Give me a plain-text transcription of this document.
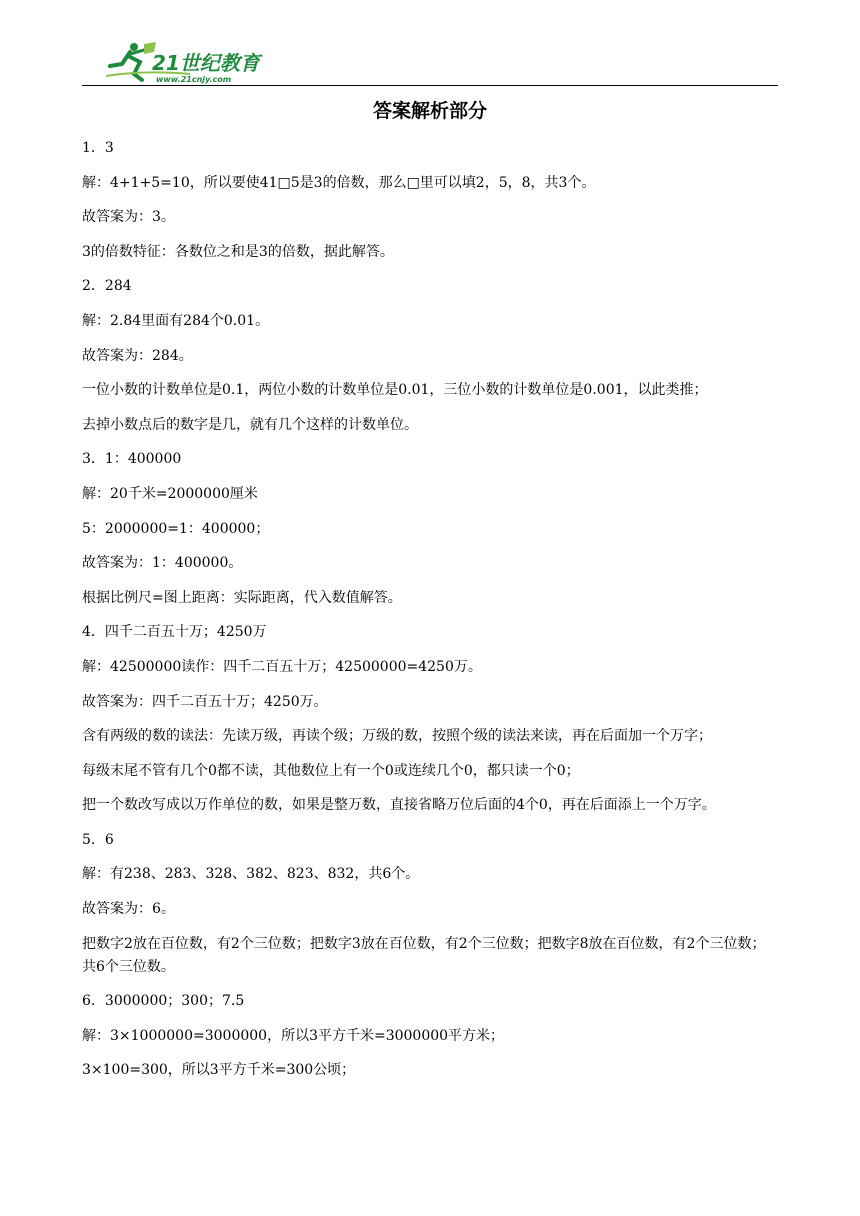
21世纪教育
www.21cnjy.com
答案解析部分
1．3
解：4+1+5=10，所以要使41□5是3的倍数，那么□里可以填2，5，8，共3个。
故答案为：3。
3的倍数特征：各数位之和是3的倍数，据此解答。
2．284
解：2.84里面有284个0.01。
故答案为：284。
一位小数的计数单位是0.1，两位小数的计数单位是0.01，三位小数的计数单位是0.001，以此类推；
去掉小数点后的数字是几，就有几个这样的计数单位。
3．1：400000
解：20千米=2000000厘米
5：2000000=1：400000；
故答案为：1：400000。
根据比例尺=图上距离：实际距离，代入数值解答。
4．四千二百五十万；4250万
解：42500000读作：四千二百五十万；42500000=4250万。
故答案为：四千二百五十万；4250万。
含有两级的数的读法：先读万级，再读个级；万级的数，按照个级的读法来读，再在后面加一个万字；
每级末尾不管有几个0都不读，其他数位上有一个0或连续几个0，都只读一个0；
把一个数改写成以万作单位的数，如果是整万数，直接省略万位后面的4个0，再在后面添上一个万字。
5．6
解：有238、283、328、382、823、832，共6个。
故答案为：6。
把数字2放在百位数，有2个三位数；把数字3放在百位数，有2个三位数；把数字8放在百位数，有2个三位数；共6个三位数。
6．3000000；300；7.5
解：3×1000000=3000000，所以3平方千米=3000000平方米；
3×100=300，所以3平方千米=300公顷；
